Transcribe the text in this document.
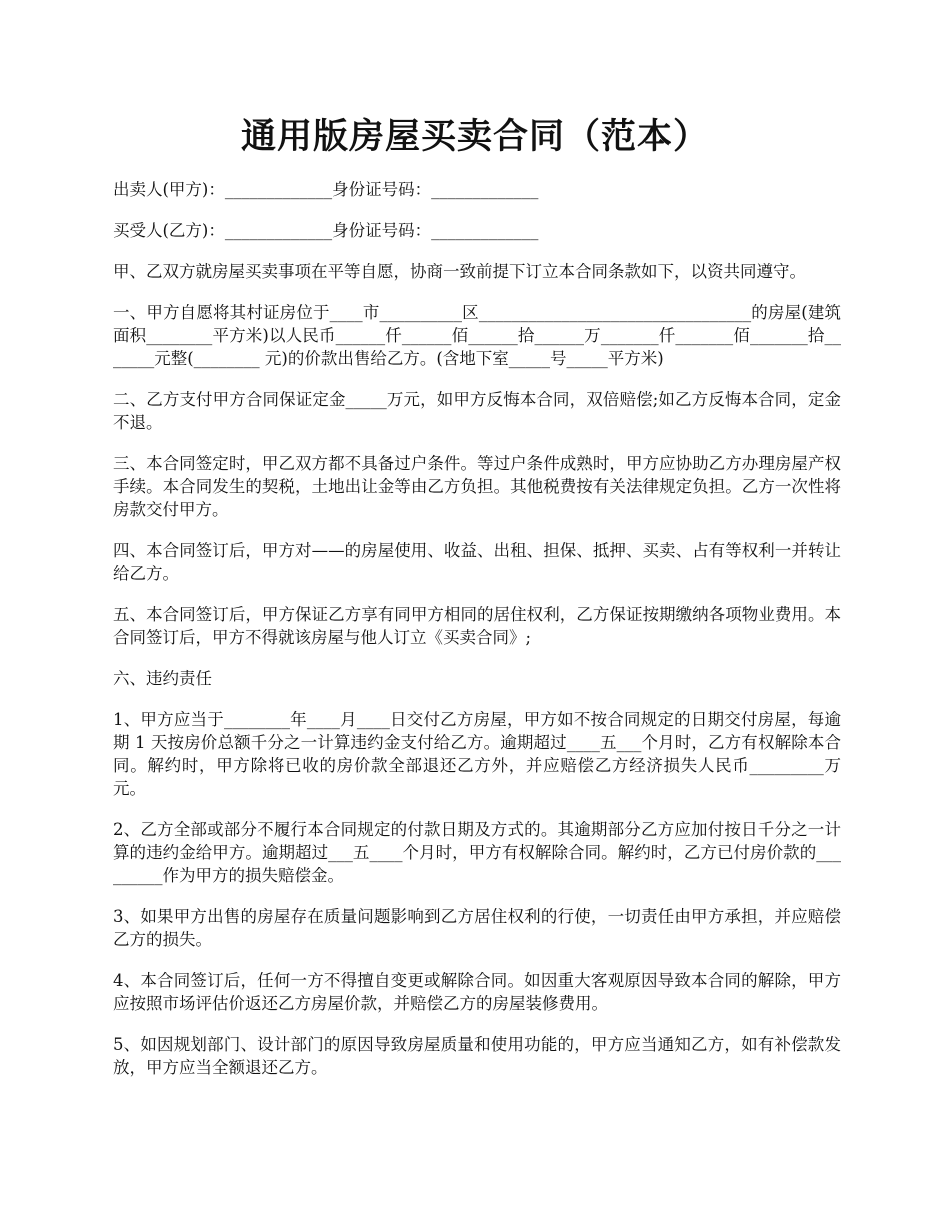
通用版房屋买卖合同（范本）

出卖人(甲方)：_____________身份证号码：_____________

买受人(乙方)：_____________身份证号码：_____________

甲、乙双方就房屋买卖事项在平等自愿，协商一致前提下订立本合同条款如下，以资共同遵守。

一、甲方自愿将其村证房位于____市__________区_________________________________的房屋(建筑面积________平方米)以人民币______仟______佰______拾______万_______仟_______佰_______拾_______元整(________ 元)的价款出售给乙方。(含地下室_____号_____平方米)

二、乙方支付甲方合同保证定金_____万元，如甲方反悔本合同，双倍赔偿;如乙方反悔本合同，定金不退。

三、本合同签定时，甲乙双方都不具备过户条件。等过户条件成熟时，甲方应协助乙方办理房屋产权手续。本合同发生的契税，土地出让金等由乙方负担。其他税费按有关法律规定负担。乙方一次性将房款交付甲方。

四、本合同签订后，甲方对——的房屋使用、收益、出租、担保、抵押、买卖、占有等权利一并转让给乙方。

五、本合同签订后，甲方保证乙方享有同甲方相同的居住权利，乙方保证按期缴纳各项物业费用。本合同签订后，甲方不得就该房屋与他人订立《买卖合同》;

六、违约责任

1、甲方应当于________年____月____日交付乙方房屋，甲方如不按合同规定的日期交付房屋，每逾期 1 天按房价总额千分之一计算违约金支付给乙方。逾期超过____五___个月时，乙方有权解除本合同。解约时，甲方除将已收的房价款全部退还乙方外，并应赔偿乙方经济损失人民币_________万元。

2、乙方全部或部分不履行本合同规定的付款日期及方式的。其逾期部分乙方应加付按日千分之一计算的违约金给甲方。逾期超过___五____个月时，甲方有权解除合同。解约时，乙方已付房价款的_________作为甲方的损失赔偿金。

3、如果甲方出售的房屋存在质量问题影响到乙方居住权利的行使，一切责任由甲方承担，并应赔偿乙方的损失。

4、本合同签订后，任何一方不得擅自变更或解除合同。如因重大客观原因导致本合同的解除，甲方应按照市场评估价返还乙方房屋价款，并赔偿乙方的房屋装修费用。

5、如因规划部门、设计部门的原因导致房屋质量和使用功能的，甲方应当通知乙方，如有补偿款发放，甲方应当全额退还乙方。
